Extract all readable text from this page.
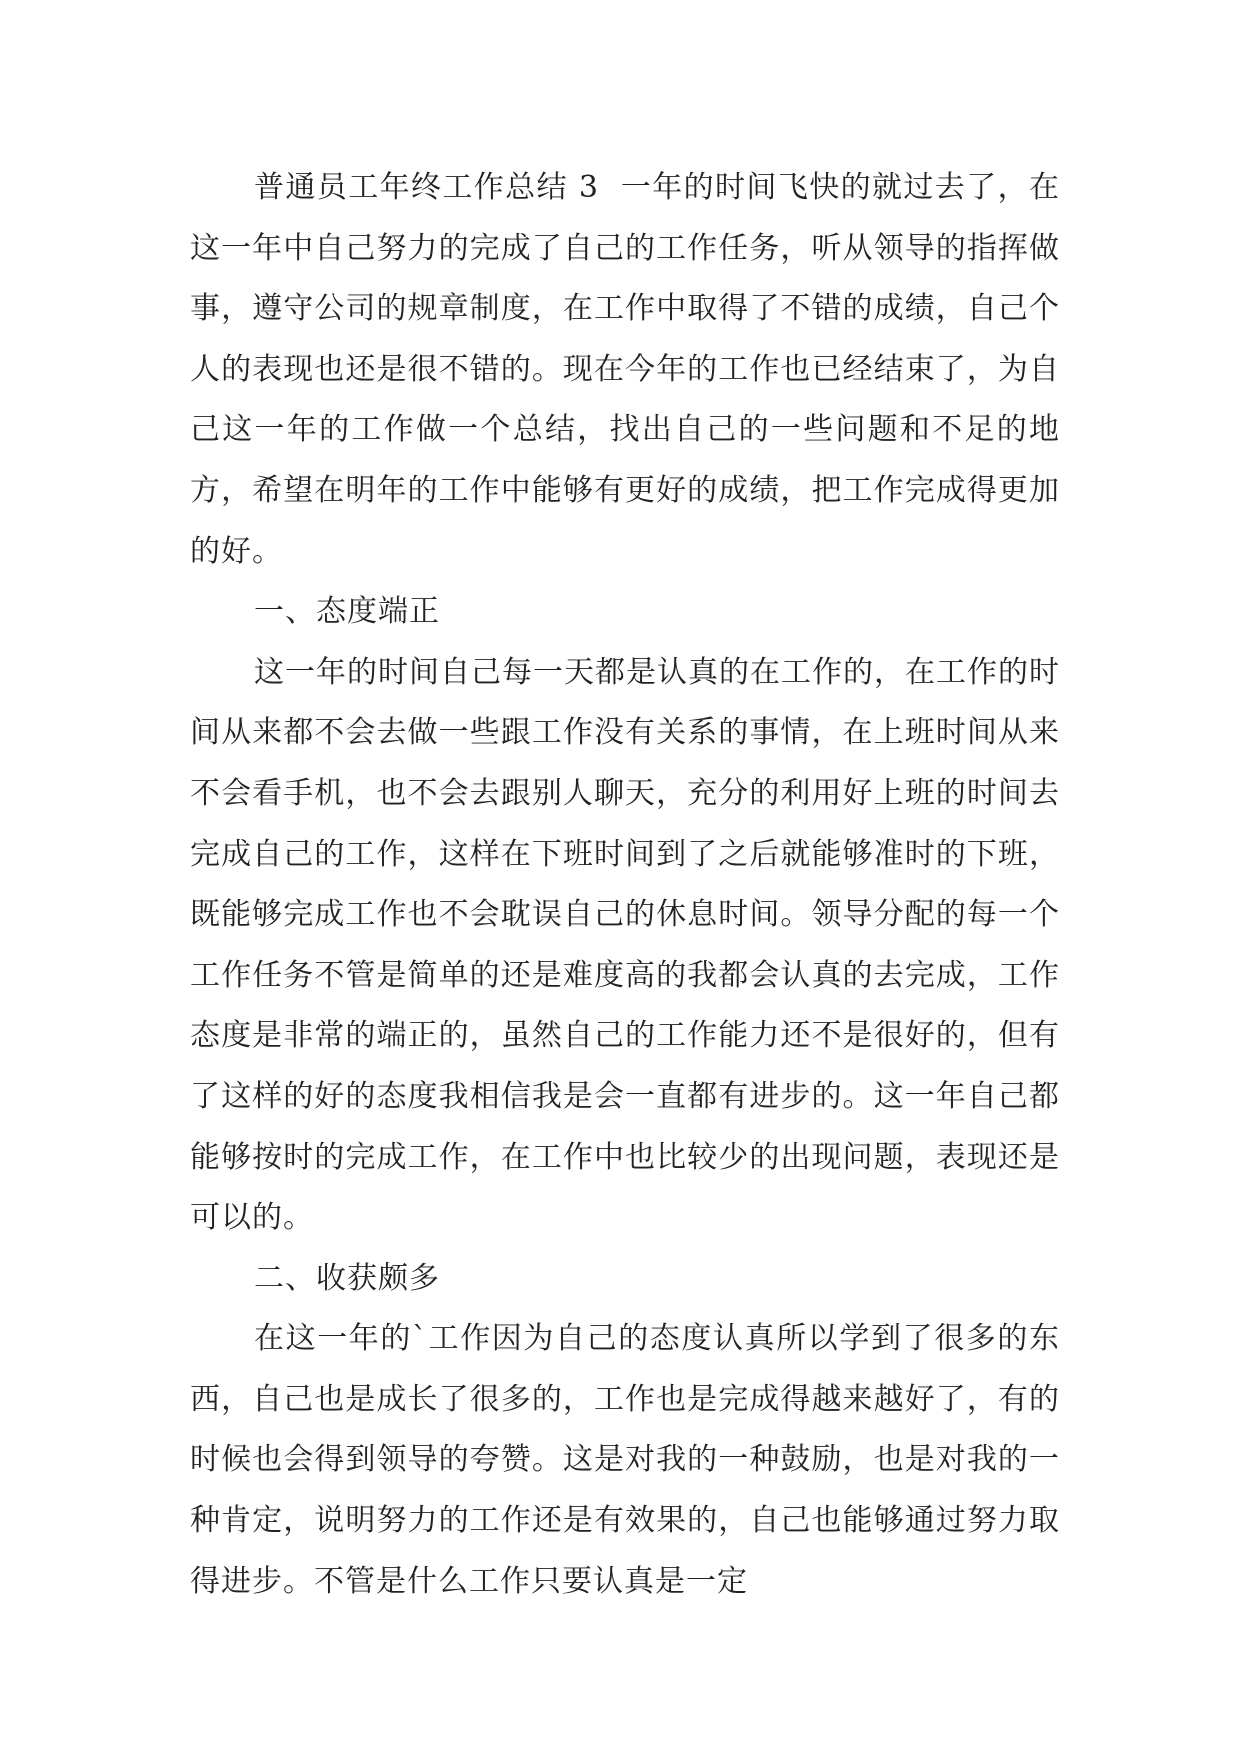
普通员工年终工作总结 3  一年的时间飞快的就过去了，在这一年中自己努力的完成了自己的工作任务，听从领导的指挥做事，遵守公司的规章制度，在工作中取得了不错的成绩，自己个人的表现也还是很不错的。现在今年的工作也已经结束了，为自己这一年的工作做一个总结，找出自己的一些问题和不足的地方，希望在明年的工作中能够有更好的成绩，把工作完成得更加的好。

一、态度端正

这一年的时间自己每一天都是认真的在工作的，在工作的时间从来都不会去做一些跟工作没有关系的事情，在上班时间从来不会看手机，也不会去跟别人聊天，充分的利用好上班的时间去完成自己的工作，这样在下班时间到了之后就能够准时的下班，既能够完成工作也不会耽误自己的休息时间。领导分配的每一个工作任务不管是简单的还是难度高的我都会认真的去完成，工作态度是非常的端正的，虽然自己的工作能力还不是很好的，但有了这样的好的态度我相信我是会一直都有进步的。这一年自己都能够按时的完成工作，在工作中也比较少的出现问题，表现还是可以的。

二、收获颇多

在这一年的`工作因为自己的态度认真所以学到了很多的东西，自己也是成长了很多的，工作也是完成得越来越好了，有的时候也会得到领导的夸赞。这是对我的一种鼓励，也是对我的一种肯定，说明努力的工作还是有效果的，自己也能够通过努力取得进步。不管是什么工作只要认真是一定
